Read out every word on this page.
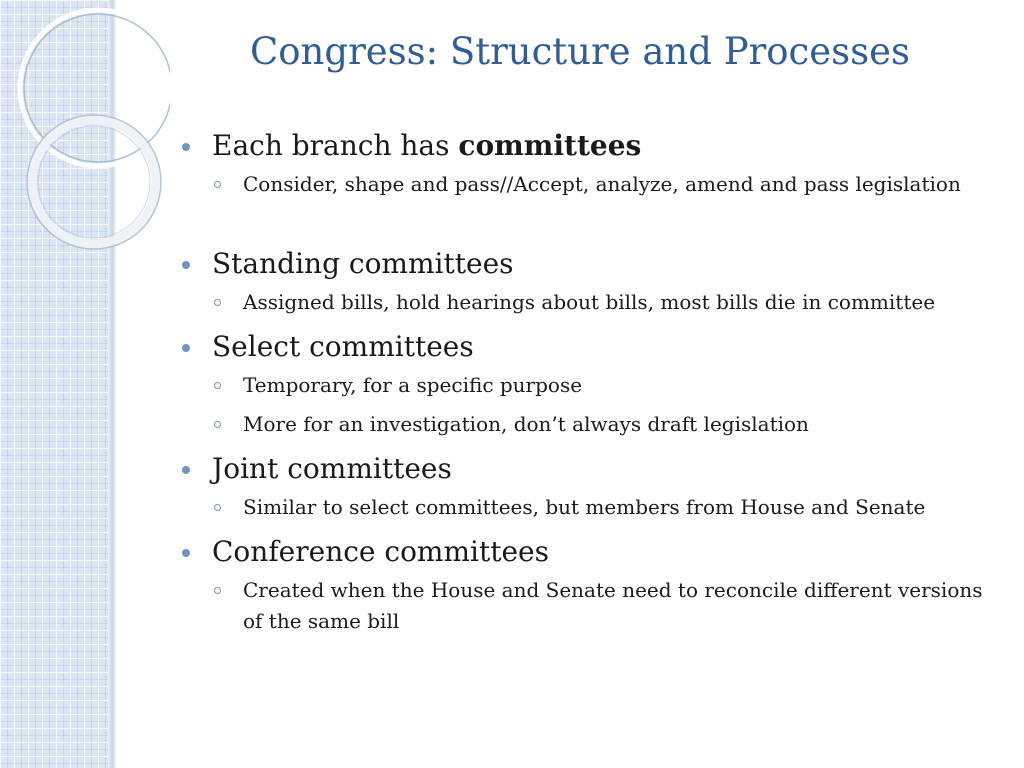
Congress: Structure and Processes
Each branch has committees
Consider, shape and pass//Accept, analyze, amend and pass legislation
Standing committees
Assigned bills, hold hearings about bills, most bills die in committee
Select committees
Temporary, for a specific purpose
More for an investigation, don’t always draft legislation
Joint committees
Similar to select committees, but members from House and Senate
Conference committees
Created when the House and Senate need to reconcile different versions of the same bill
